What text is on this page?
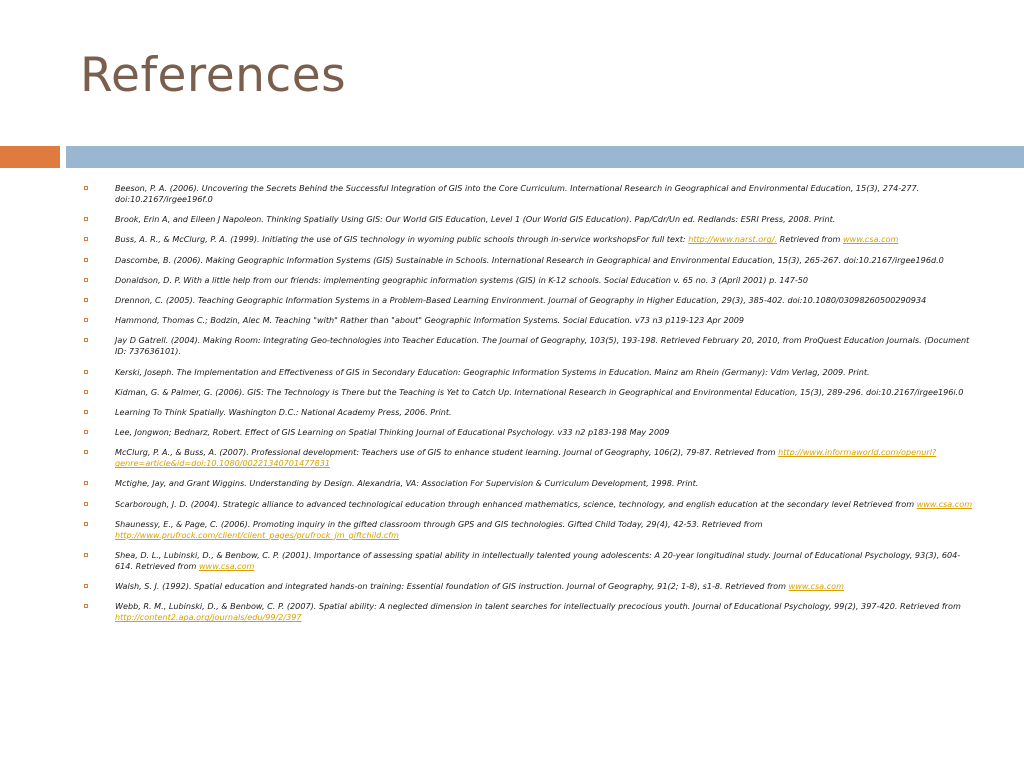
References
Beeson, P. A. (2006). Uncovering the Secrets Behind the Successful Integration of GIS into the Core Curriculum. International Research in Geographical and Environmental Education, 15(3), 274-277. doi:10.2167/irgee196f.0
Brook, Erin A, and Eileen J Napoleon. Thinking Spatially Using GIS: Our World GIS Education, Level 1 (Our World GIS Education). Pap/Cdr/Un ed. Redlands: ESRI Press, 2008. Print.
Buss, A. R., & McClurg, P. A. (1999). Initiating the use of GIS technology in wyoming public schools through in-service workshopsFor full text: http://www.narst.org/. Retrieved from www.csa.com
Dascombe, B. (2006). Making Geographic Information Systems (GIS) Sustainable in Schools. International Research in Geographical and Environmental Education, 15(3), 265-267. doi:10.2167/irgee196d.0
Donaldson, D. P. With a little help from our friends: implementing geographic information systems (GIS) in K-12 schools. Social Education v. 65 no. 3 (April 2001) p. 147-50
Drennon, C. (2005). Teaching Geographic Information Systems in a Problem-Based Learning Environment. Journal of Geography in Higher Education, 29(3), 385-402. doi:10.1080/03098260500290934
Hammond, Thomas C.; Bodzin, Alec M. Teaching "with" Rather than "about" Geographic Information Systems. Social Education. v73 n3 p119-123 Apr 2009
Jay D Gatrell. (2004). Making Room: Integrating Geo-technologies into Teacher Education. The Journal of Geography, 103(5), 193-198. Retrieved February 20, 2010, from ProQuest Education Journals. (Document ID: 737636101).
Kerski, Joseph. The Implementation and Effectiveness of GIS in Secondary Education: Geographic Information Systems in Education. Mainz am Rhein (Germany): Vdm Verlag, 2009. Print.
Kidman, G. & Palmer, G. (2006). GIS: The Technology is There but the Teaching is Yet to Catch Up. International Research in Geographical and Environmental Education, 15(3), 289-296. doi:10.2167/irgee196i.0
Learning To Think Spatially. Washington D.C.: National Academy Press, 2006. Print.
Lee, Jongwon; Bednarz, Robert. Effect of GIS Learning on Spatial Thinking Journal of Educational Psychology. v33 n2 p183-198 May 2009
McClurg, P. A., & Buss, A. (2007). Professional development: Teachers use of GIS to enhance student learning. Journal of Geography, 106(2), 79-87. Retrieved from http://www.informaworld.com/openurl?genre=article&id=doi:10.1080/00221340701477831
Mctighe, Jay, and Grant Wiggins. Understanding by Design. Alexandria, VA: Association For Supervision & Curriculum Development, 1998. Print.
Scarborough, J. D. (2004). Strategic alliance to advanced technological education through enhanced mathematics, science, technology, and english education at the secondary level Retrieved from www.csa.com
Shaunessy, E., & Page, C. (2006). Promoting inquiry in the gifted classroom through GPS and GIS technologies. Gifted Child Today, 29(4), 42-53. Retrieved from http://www.prufrock.com/client/client_pages/prufrock_jm_giftchild.cfm
Shea, D. L., Lubinski, D., & Benbow, C. P. (2001). Importance of assessing spatial ability in intellectually talented young adolescents: A 20-year longitudinal study. Journal of Educational Psychology, 93(3), 604-614. Retrieved from www.csa.com
Walsh, S. J. (1992). Spatial education and integrated hands-on training: Essential foundation of GIS instruction. Journal of Geography, 91(2; 1-8), s1-8. Retrieved from www.csa.com
Webb, R. M., Lubinski, D., & Benbow, C. P. (2007). Spatial ability: A neglected dimension in talent searches for intellectually precocious youth. Journal of Educational Psychology, 99(2), 397-420. Retrieved from http://content2.apa.org/journals/edu/99/2/397
